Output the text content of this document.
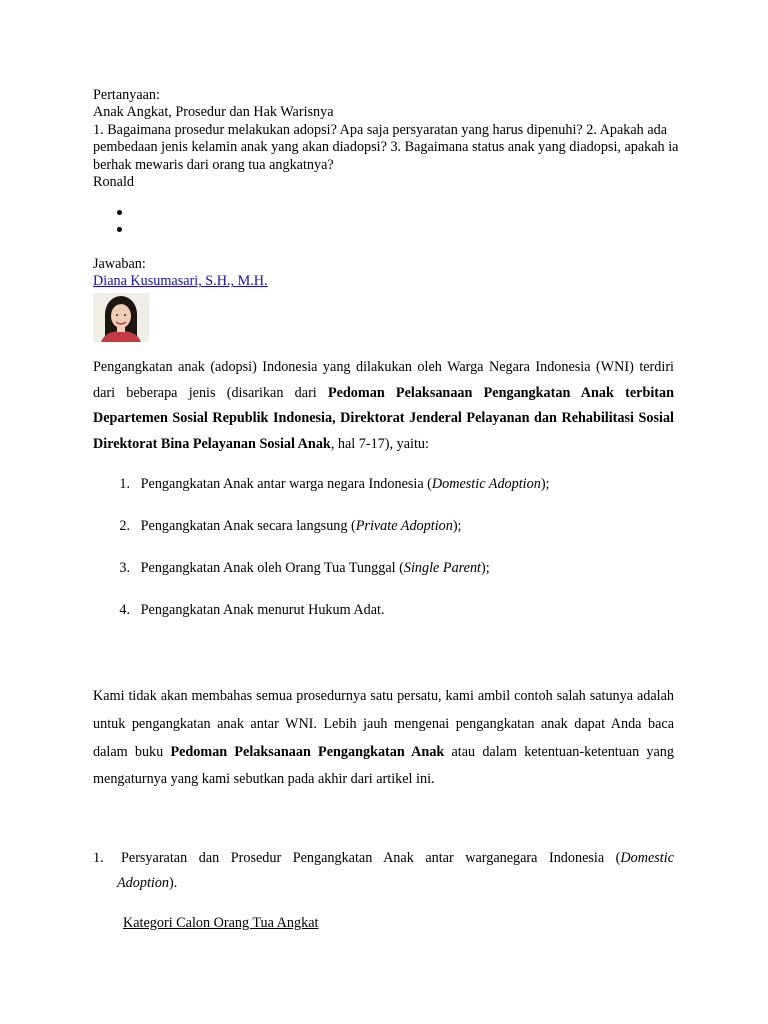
Pertanyaan:

Anak Angkat, Prosedur dan Hak Warisnya

1. Bagaimana prosedur melakukan adopsi? Apa saja persyaratan yang harus dipenuhi? 2. Apakah ada pembedaan jenis kelamin anak yang akan diadopsi? 3. Bagaimana status anak yang diadopsi, apakah ia berhak mewaris dari orang tua angkatnya?

Ronald

Jawaban:
Diana Kusumasari, S.H., M.H.

Pengangkatan anak (adopsi) Indonesia yang dilakukan oleh Warga Negara Indonesia (WNI) terdiri dari beberapa jenis (disarikan dari Pedoman Pelaksanaan Pengangkatan Anak terbitan Departemen Sosial Republik Indonesia, Direktorat Jenderal Pelayanan dan Rehabilitasi Sosial Direktorat Bina Pelayanan Sosial Anak, hal 7-17), yaitu:

1. Pengangkatan Anak antar warga negara Indonesia (Domestic Adoption);
2. Pengangkatan Anak secara langsung (Private Adoption);
3. Pengangkatan Anak oleh Orang Tua Tunggal (Single Parent);
4. Pengangkatan Anak menurut Hukum Adat.

Kami tidak akan membahas semua prosedurnya satu persatu, kami ambil contoh salah satunya adalah untuk pengangkatan anak antar WNI. Lebih jauh mengenai pengangkatan anak dapat Anda baca dalam buku Pedoman Pelaksanaan Pengangkatan Anak atau dalam ketentuan-ketentuan yang mengaturnya yang kami sebutkan pada akhir dari artikel ini.

1.	Persyaratan dan Prosedur Pengangkatan Anak antar warganegara Indonesia (Domestic
Adoption).
Kategori Calon Orang Tua Angkat
